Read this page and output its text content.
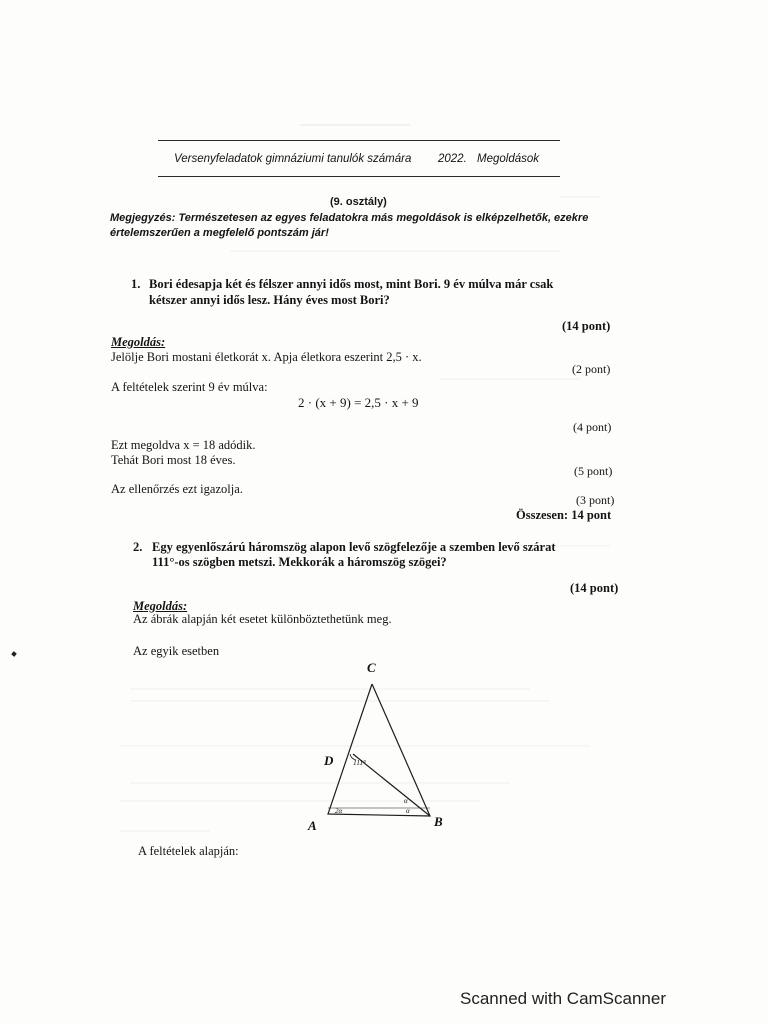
Versenyfeladatok gimnáziumi tanulók számára 2022. Megoldások
(9. osztály)
Megjegyzés: Természetesen az egyes feladatokra más megoldások is elképzelhetők, ezekre
értelemszerűen a megfelelő pontszám jár!
1. Bori édesapja két és félszer annyi idős most, mint Bori. 9 év múlva már csak
kétszer annyi idős lesz. Hány éves most Bori?
(14 pont)
Megoldás:
Jelölje Bori mostani életkorát x. Apja életkora eszerint 2,5 · x.
(2 pont)
A feltételek szerint 9 év múlva:
2 · (x + 9) = 2,5 · x + 9
(4 pont)
Ezt megoldva x = 18 adódik.
Tehát Bori most 18 éves.
(5 pont)
Az ellenőrzés ezt igazolja.
(3 pont)
Összesen: 14 pont
2. Egy egyenlőszárú háromszög alapon levő szögfelezője a szemben levő szárat
111°-os szögben metszi. Mekkorák a háromszög szögei?
(14 pont)
Megoldás:
Az ábrák alapján két esetet különböztethetünk meg.
Az egyik esetben
C
D
A	B
111°
2α
α
α
A feltételek alapján:
Scanned with CamScanner
